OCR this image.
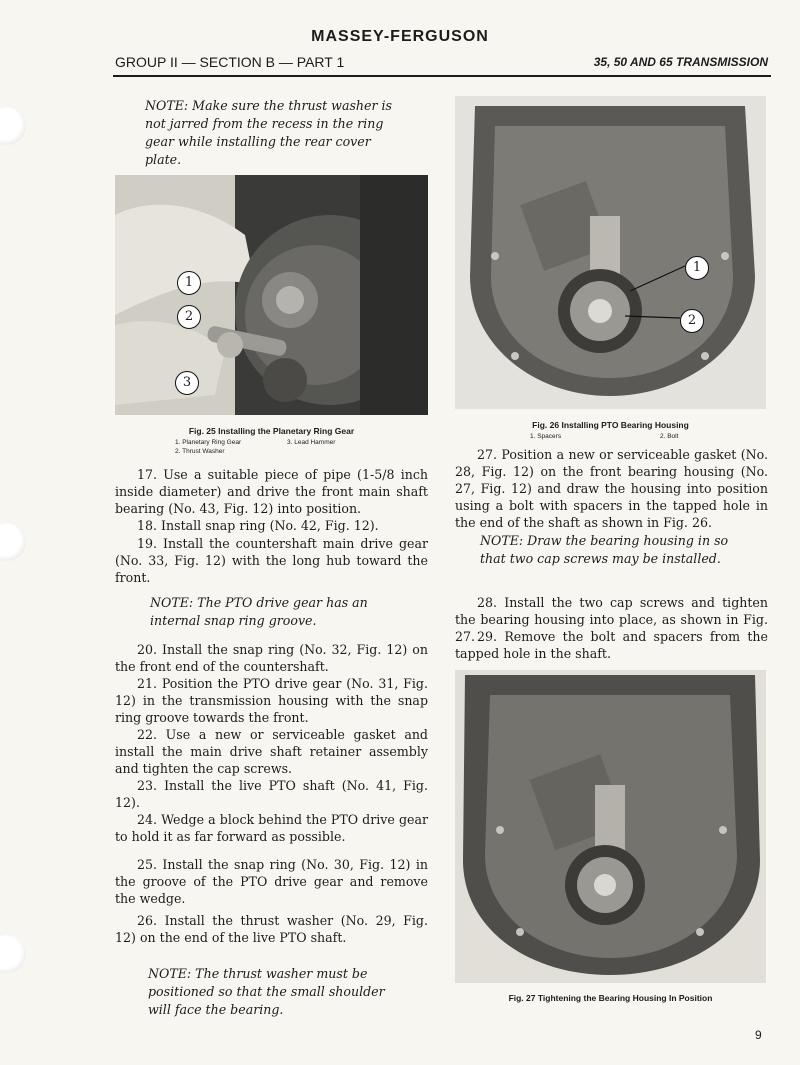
MASSEY-FERGUSON
GROUP II — SECTION B — PART 1	35, 50 AND 65 TRANSMISSION
NOTE: Make sure the thrust washer is not jarred from the recess in the ring gear while installing the rear cover plate.
1
2
3
Fig. 25 Installing the Planetary Ring Gear
1. Planetary Ring Gear	3. Lead Hammer
2. Thrust Washer
17. Use a suitable piece of pipe (1-5/8 inch inside diameter) and drive the front main shaft bearing (No. 43, Fig. 12) into position.
18. Install snap ring (No. 42, Fig. 12).
19. Install the countershaft main drive gear (No. 33, Fig. 12) with the long hub toward the front.
NOTE: The PTO drive gear has an internal snap ring groove.
20. Install the snap ring (No. 32, Fig. 12) on the front end of the countershaft.
21. Position the PTO drive gear (No. 31, Fig. 12) in the transmission housing with the snap ring groove towards the front.
22. Use a new or serviceable gasket and install the main drive shaft retainer assembly and tighten the cap screws.
23. Install the live PTO shaft (No. 41, Fig. 12).
24. Wedge a block behind the PTO drive gear to hold it as far forward as possible.
25. Install the snap ring (No. 30, Fig. 12) in the groove of the PTO drive gear and remove the wedge.
26. Install the thrust washer (No. 29, Fig. 12) on the end of the live PTO shaft.
NOTE: The thrust washer must be positioned so that the small shoulder will face the bearing.
1
2
Fig. 26 Installing PTO Bearing Housing
1. Spacers	2. Bolt
27. Position a new or serviceable gasket (No. 28, Fig. 12) on the front bearing housing (No. 27, Fig. 12) and draw the housing into position using a bolt with spacers in the tapped hole in the end of the shaft as shown in Fig. 26.
NOTE: Draw the bearing housing in so that two cap screws may be installed.
28. Install the two cap screws and tighten the bearing housing into place, as shown in Fig. 27. 29. Remove the bolt and spacers from the tapped hole in the shaft.
Fig. 27 Tightening the Bearing Housing In Position
9
